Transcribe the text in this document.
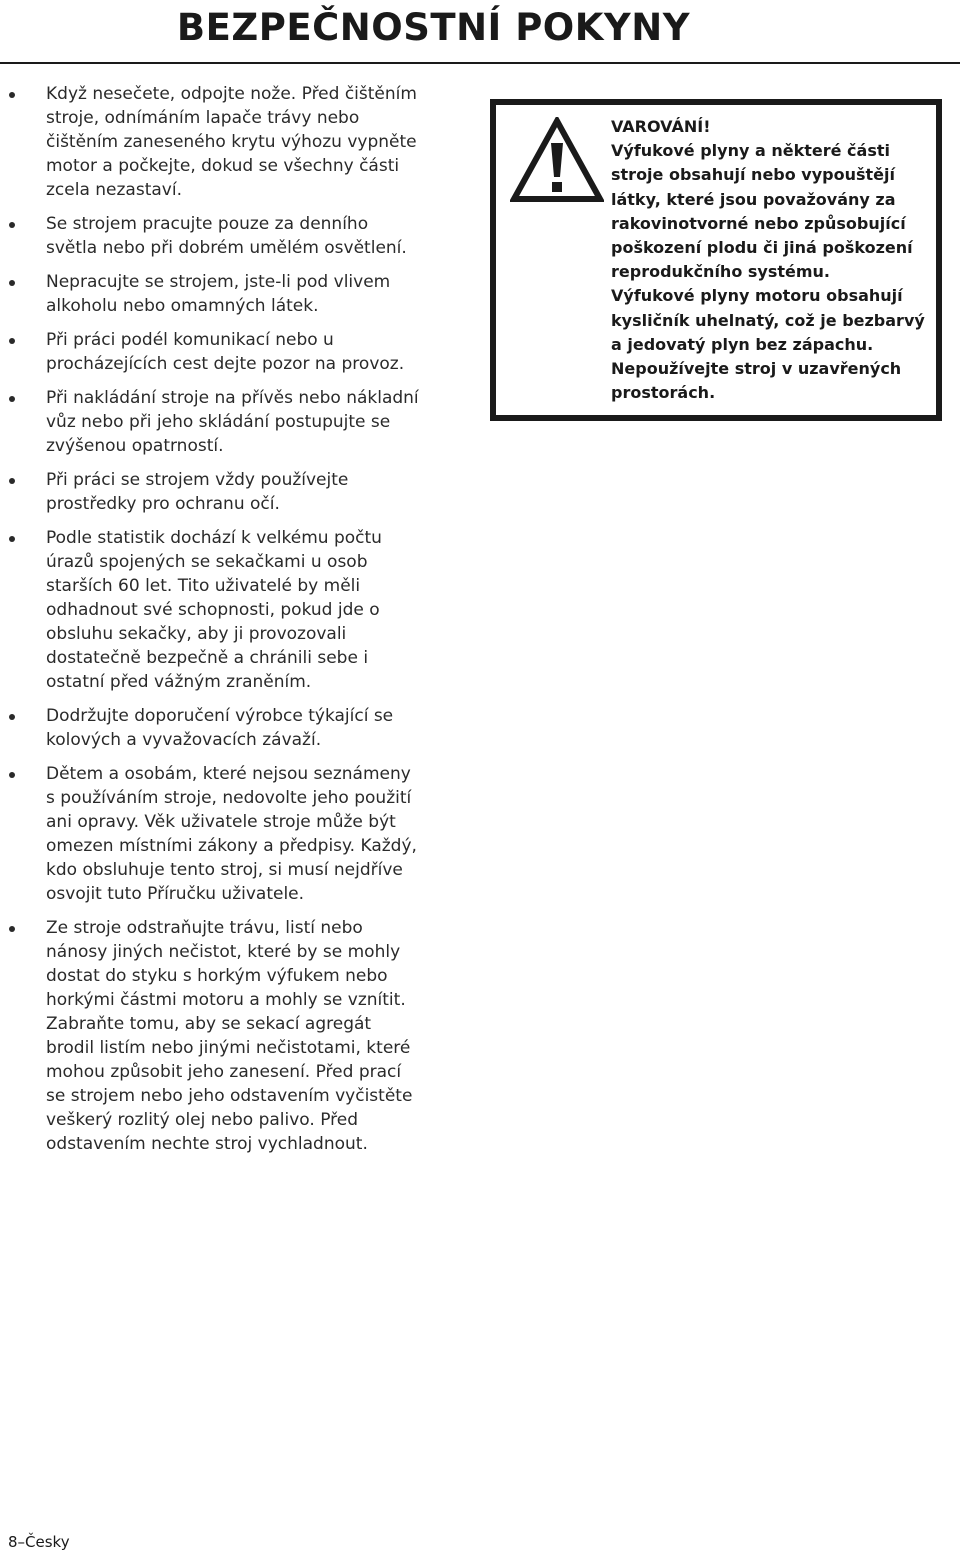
BEZPEČNOSTNÍ POKYNY
Když nesečete, odpojte nože. Před čištěním stroje, odnímáním lapače trávy nebo čištěním zaneseného krytu výhozu vypněte motor a počkejte, dokud se všechny části zcela nezastaví.
Se strojem pracujte pouze za denního světla nebo při dobrém umělém osvětlení.
Nepracujte se strojem, jste-li pod vlivem alkoholu nebo omamných látek.
Při práci podél komunikací nebo u procházejících cest dejte pozor na provoz.
Při nakládání stroje na přívěs nebo nákladní vůz nebo při jeho skládání postupujte se zvýšenou opatrností.
Při práci se strojem vždy používejte prostředky pro ochranu očí.
Podle statistik dochází k velkému počtu úrazů spojených se sekačkami u osob starších 60 let. Tito uživatelé by měli odhadnout své schopnosti, pokud jde o obsluhu sekačky, aby ji provozovali dostatečně bezpečně a chránili sebe i ostatní před vážným zraněním.
Dodržujte doporučení výrobce týkající se kolových a vyvažovacích závaží.
Dětem a osobám, které nejsou seznámeny s používáním stroje, nedovolte jeho použití ani opravy. Věk uživatele stroje může být omezen místními zákony a předpisy. Každý, kdo obsluhuje tento stroj, si musí nejdříve osvojit tuto Příručku uživatele.
Ze stroje odstraňujte trávu, listí nebo nánosy jiných nečistot, které by se mohly dostat do styku s horkým výfukem nebo horkými částmi motoru a mohly se vznítit. Zabraňte tomu, aby se sekací agregát brodil listím nebo jinými nečistotami, které mohou způsobit jeho zanesení. Před prací se strojem nebo jeho odstavením vyčistěte veškerý rozlitý olej nebo palivo. Před odstavením nechte stroj vychladnout.

VAROVÁNÍ!

Výfukové plyny a některé části stroje obsahují nebo vypouštějí látky, které jsou považovány za rakovinotvorné nebo způsobující poškození plodu či jiná poškození reprodukčního systému.

Výfukové plyny motoru obsahují kysličník uhelnatý, což je bezbarvý a jedovatý plyn bez zápachu. Nepoužívejte stroj v uzavřených prostorách.

8–Česky
